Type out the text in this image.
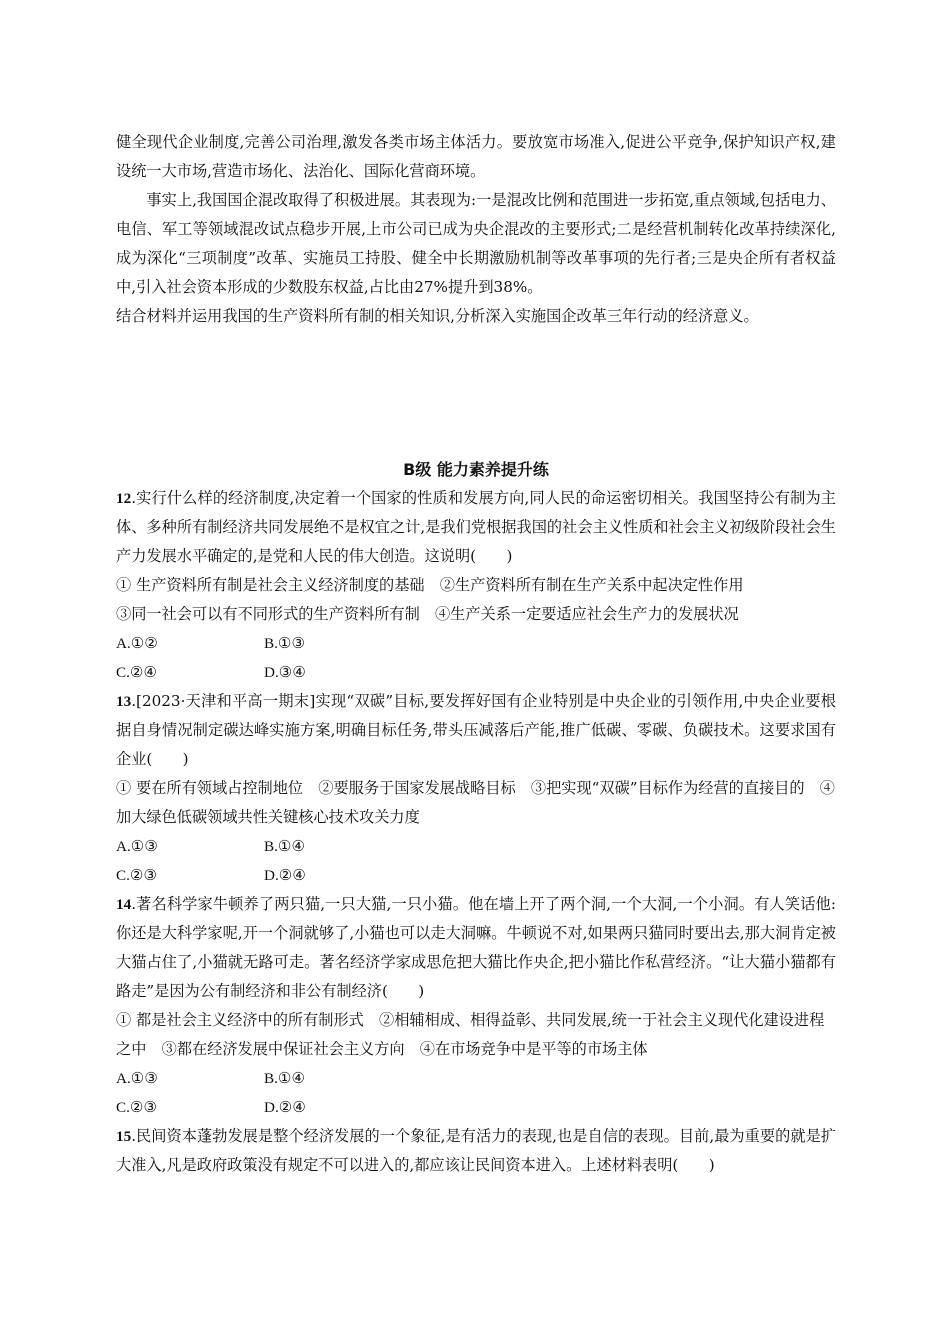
健全现代企业制度,完善公司治理,激发各类市场主体活力。要放宽市场准入,促进公平竞争,保护知识产权,建设统一大市场,营造市场化、法治化、国际化营商环境。

事实上,我国国企混改取得了积极进展。其表现为:一是混改比例和范围进一步拓宽,重点领域,包括电力、电信、军工等领域混改试点稳步开展,上市公司已成为央企混改的主要形式;二是经营机制转化改革持续深化,成为深化“三项制度”改革、实施员工持股、健全中长期激励机制等改革事项的先行者;三是央企所有者权益中,引入社会资本形成的少数股东权益,占比由27%提升到38%。

结合材料并运用我国的生产资料所有制的相关知识,分析深入实施国企改革三年行动的经济意义。

B级 能力素养提升练

12.实行什么样的经济制度,决定着一个国家的性质和发展方向,同人民的命运密切相关。我国坚持公有制为主体、多种所有制经济共同发展绝不是权宜之计,是我们党根据我国的社会主义性质和社会主义初级阶段社会生产力发展水平确定的,是党和人民的伟大创造。这说明(　　)

① 生产资料所有制是社会主义经济制度的基础　②生产资料所有制在生产关系中起决定性作用

③同一社会可以有不同形式的生产资料所有制　④生产关系一定要适应社会生产力的发展状况

A.①②	B.①③
C.②④	D.③④

13.[2023·天津和平高一期末]实现“双碳”目标,要发挥好国有企业特别是中央企业的引领作用,中央企业要根据自身情况制定碳达峰实施方案,明确目标任务,带头压减落后产能,推广低碳、零碳、负碳技术。这要求国有企业(　　)

① 要在所有领域占控制地位　②要服务于国家发展战略目标　③把实现“双碳”目标作为经营的直接目的　④加大绿色低碳领域共性关键核心技术攻关力度

A.①③	B.①④
C.②③	D.②④

14.著名科学家牛顿养了两只猫,一只大猫,一只小猫。他在墙上开了两个洞,一个大洞,一个小洞。有人笑话他:你还是大科学家呢,开一个洞就够了,小猫也可以走大洞嘛。牛顿说不对,如果两只猫同时要出去,那大洞肯定被大猫占住了,小猫就无路可走。著名经济学家成思危把大猫比作央企,把小猫比作私营经济。“让大猫小猫都有路走”是因为公有制经济和非公有制经济(　　)

① 都是社会主义经济中的所有制形式　②相辅相成、相得益彰、共同发展,统一于社会主义现代化建设进程之中　③都在经济发展中保证社会主义方向　④在市场竞争中是平等的市场主体

A.①③	B.①④
C.②③	D.②④

15.民间资本蓬勃发展是整个经济发展的一个象征,是有活力的表现,也是自信的表现。目前,最为重要的就是扩大准入,凡是政府政策没有规定不可以进入的,都应该让民间资本进入。上述材料表明(　　)
